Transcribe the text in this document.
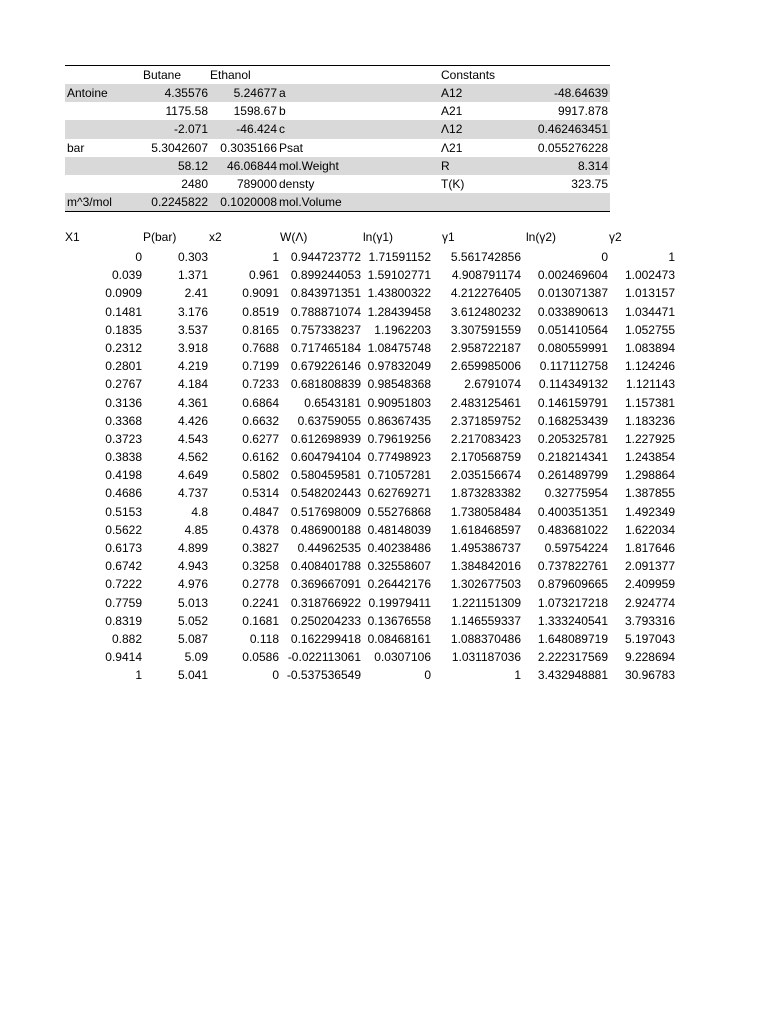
Butane Ethanol	Constants
Antoine	4.35576 5.24677 a	A12	-48.64639
1175.58 1598.67 b	A21	9917.878
-2.071 -46.424 c	Λ12	0.462463451
bar	5.3042607 0.3035166 Psat	Λ21	0.055276228
58.12 46.06844 mol.Weight	R	8.314
2480 789000 densty	T(K)	323.75
m^3/mol	0.2245822 0.1020008 mol.Volume
X1	P(bar)	x2	W(Λ)	ln(γ1)	γ1	ln(γ2)	γ2
0	0.303	1 0.944723772 1.71591152 5.561742856	0	1
0.039	1.371	0.961 0.899244053 1.59102771 4.908791174 0.002469604 1.002473
0.0909	2.41	0.9091 0.843971351 1.43800322 4.212276405 0.013071387 1.013157
0.1481	3.176	0.8519 0.788871074 1.28439458 3.612480232 0.033890613 1.034471
0.1835	3.537	0.8165 0.757338237 1.1962203 3.307591559 0.051410564 1.052755
0.2312	3.918	0.7688 0.717465184 1.08475748 2.958722187 0.080559991 1.083894
0.2801	4.219	0.7199 0.679226146 0.97832049 2.659985006 0.117112758 1.124246
0.2767	4.184	0.7233 0.681808839 0.98548368	2.6791074 0.114349132 1.121143
0.3136	4.361	0.6864 0.6543181 0.90951803 2.483125461 0.146159791 1.157381
0.3368	4.426	0.6632 0.63759055 0.86367435 2.371859752 0.168253439 1.183236
0.3723	4.543	0.6277 0.612698939 0.79619256 2.217083423 0.205325781 1.227925
0.3838	4.562	0.6162 0.604794104 0.77498923 2.170568759 0.218214341 1.243854
0.4198	4.649	0.5802 0.580459581 0.71057281 2.035156674 0.261489799 1.298864
0.4686	4.737	0.5314 0.548202443 0.62769271 1.873283382 0.32775954 1.387855
0.5153	4.8	0.4847 0.517698009 0.55276868 1.738058484 0.400351351 1.492349
0.5622	4.85	0.4378 0.486900188 0.48148039 1.618468597 0.483681022 1.622034
0.6173	4.899	0.3827 0.44962535 0.40238486 1.495386737 0.59754224 1.817646
0.6742	4.943	0.3258 0.408401788 0.32558607 1.384842016 0.737822761 2.091377
0.7222	4.976	0.2778 0.369667091 0.26442176 1.302677503 0.879609665 2.409959
0.7759	5.013	0.2241 0.318766922 0.19979411 1.221151309 1.073217218 2.924774
0.8319	5.052	0.1681 0.250204233 0.13676558 1.146559337 1.333240541 3.793316
0.882	5.087	0.118 0.162299418 0.08468161 1.088370486 1.648089719 5.197043
0.9414	5.09	0.0586 -0.022113061 0.0307106 1.031187036 2.222317569 9.228694
1	5.041	0 -0.537536549	0	1 3.432948881 30.96783
